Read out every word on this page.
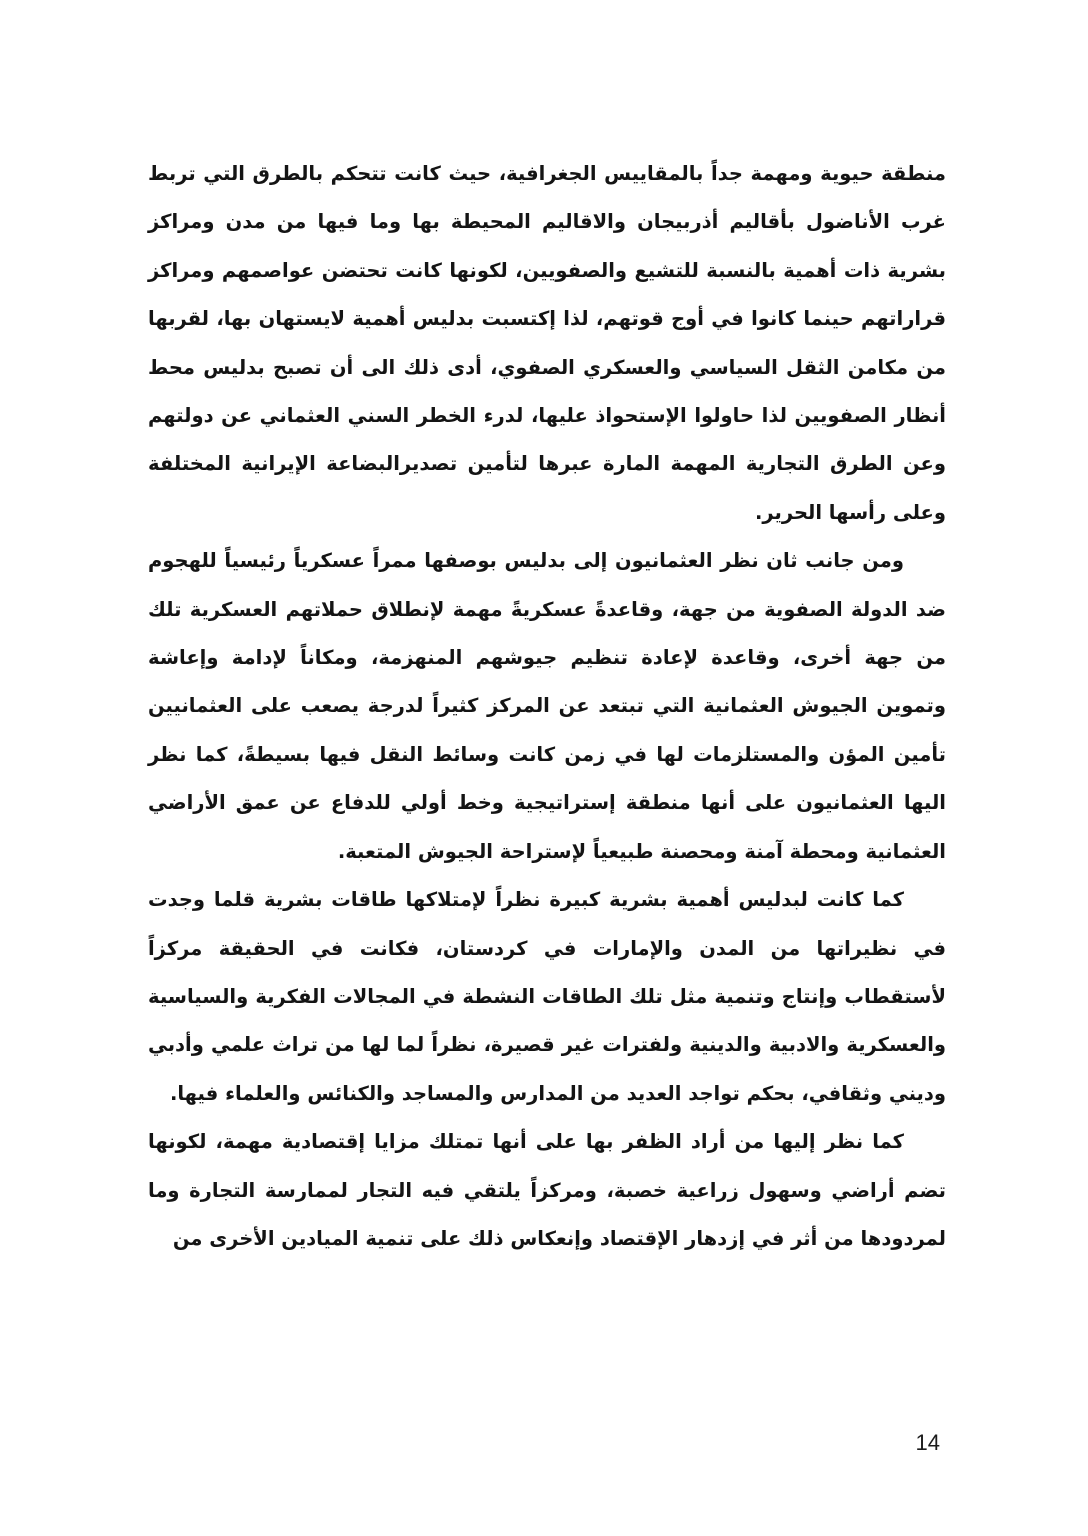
منطقة حيوية ومهمة جداً بالمقاييس الجغرافية، حيث كانت تتحكم بالطرق التي تربط غرب الأناضول بأقاليم أذربيجان والاقاليم المحيطة بها وما فيها من مدن ومراكز بشرية ذات أهمية بالنسبة للتشيع والصفويين، لكونها كانت تحتضن عواصمهم ومراكز قراراتهم حينما كانوا في أوج قوتهم، لذا إكتسبت بدليس أهمية لايستهان بها، لقربها من مكامن الثقل السياسي والعسكري الصفوي، أدى ذلك الى أن تصبح بدليس محط أنظار الصفويين لذا حاولوا الإستحواذ عليها، لدرء الخطر السني العثماني عن دولتهم وعن الطرق التجارية المهمة المارة عبرها لتأمين تصديرالبضاعة الإيرانية المختلفة وعلى رأسها الحرير.

ومن جانب ثان نظر العثمانيون إلى بدليس بوصفها ممراً عسكرياً رئيسياً للهجوم ضد الدولة الصفوية من جهة، وقاعدةً عسكريةً مهمة لإنطلاق حملاتهم العسكرية تلك من جهة أخرى، وقاعدة لإعادة تنظيم جيوشهم المنهزمة، ومكاناً لإدامة وإعاشة وتموين الجيوش العثمانية التي تبتعد عن المركز كثيراً لدرجة يصعب على العثمانيين تأمين المؤن والمستلزمات لها في زمن كانت وسائط النقل فيها بسيطةً، كما نظر اليها العثمانيون على أنها منطقة إستراتيجية وخط أولي للدفاع عن عمق الأراضي العثمانية ومحطة آمنة ومحصنة طبيعياً لإستراحة الجيوش المتعبة.

كما كانت لبدليس أهمية بشرية كبيرة نظراً لإمتلاكها طاقات بشرية قلما وجدت في نظيراتها من المدن والإمارات في كردستان، فكانت في الحقيقة مركزاً لأستقطاب وإنتاج وتنمية مثل تلك الطاقات النشطة في المجالات الفكرية والسياسية والعسكرية والادبية والدينية ولفترات غير قصيرة، نظراً لما لها من تراث علمي وأدبي وديني وثقافي، بحكم تواجد العديد من المدارس والمساجد والكنائس والعلماء فيها.

كما نظر إليها من أراد الظفر بها على أنها تمتلك مزايا إقتصادية مهمة، لكونها تضم أراضي وسهول زراعية خصبة، ومركزاً يلتقي فيه التجار لممارسة التجارة وما لمردودها من أثر في إزدهار الإقتصاد وإنعكاس ذلك على تنمية الميادين الأخرى من

14
